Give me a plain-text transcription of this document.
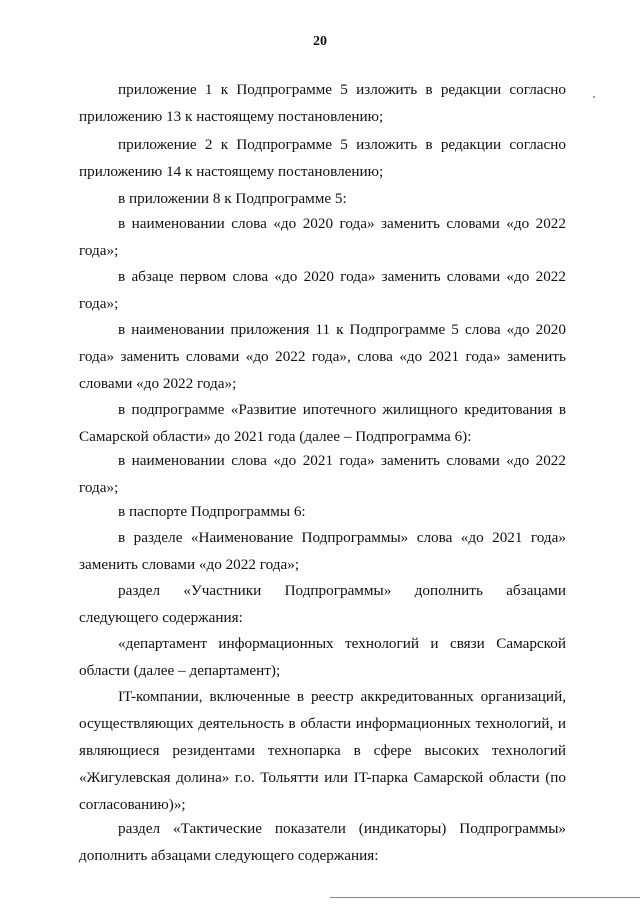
20

приложение 1 к Подпрограмме 5 изложить в редакции согласно приложению 13 к настоящему постановлению;

приложение 2 к Подпрограмме 5 изложить в редакции согласно приложению 14 к настоящему постановлению;

в приложении 8 к Подпрограмме 5:

в наименовании слова «до 2020 года» заменить словами «до 2022 года»;

в абзаце первом слова «до 2020 года» заменить словами «до 2022 года»;

в наименовании приложения 11 к Подпрограмме 5 слова «до 2020 года» заменить словами «до 2022 года», слова «до 2021 года» заменить словами «до 2022 года»;

в подпрограмме «Развитие ипотечного жилищного кредитования в Самарской области» до 2021 года (далее – Подпрограмма 6):

в наименовании слова «до 2021 года» заменить словами «до 2022 года»;

в паспорте Подпрограммы 6:

в разделе «Наименование Подпрограммы» слова «до 2021 года» заменить словами «до 2022 года»;

раздел «Участники Подпрограммы» дополнить абзацами следующего содержания:

«департамент информационных технологий и связи Самарской области (далее – департамент);

IT-компании, включенные в реестр аккредитованных организаций, осуществляющих деятельность в области информационных технологий, и являющиеся резидентами технопарка в сфере высоких технологий «Жигулевская долина» г.о. Тольятти или IT-парка Самарской области (по согласованию)»;

раздел «Тактические показатели (индикаторы) Подпрограммы» дополнить абзацами следующего содержания:
